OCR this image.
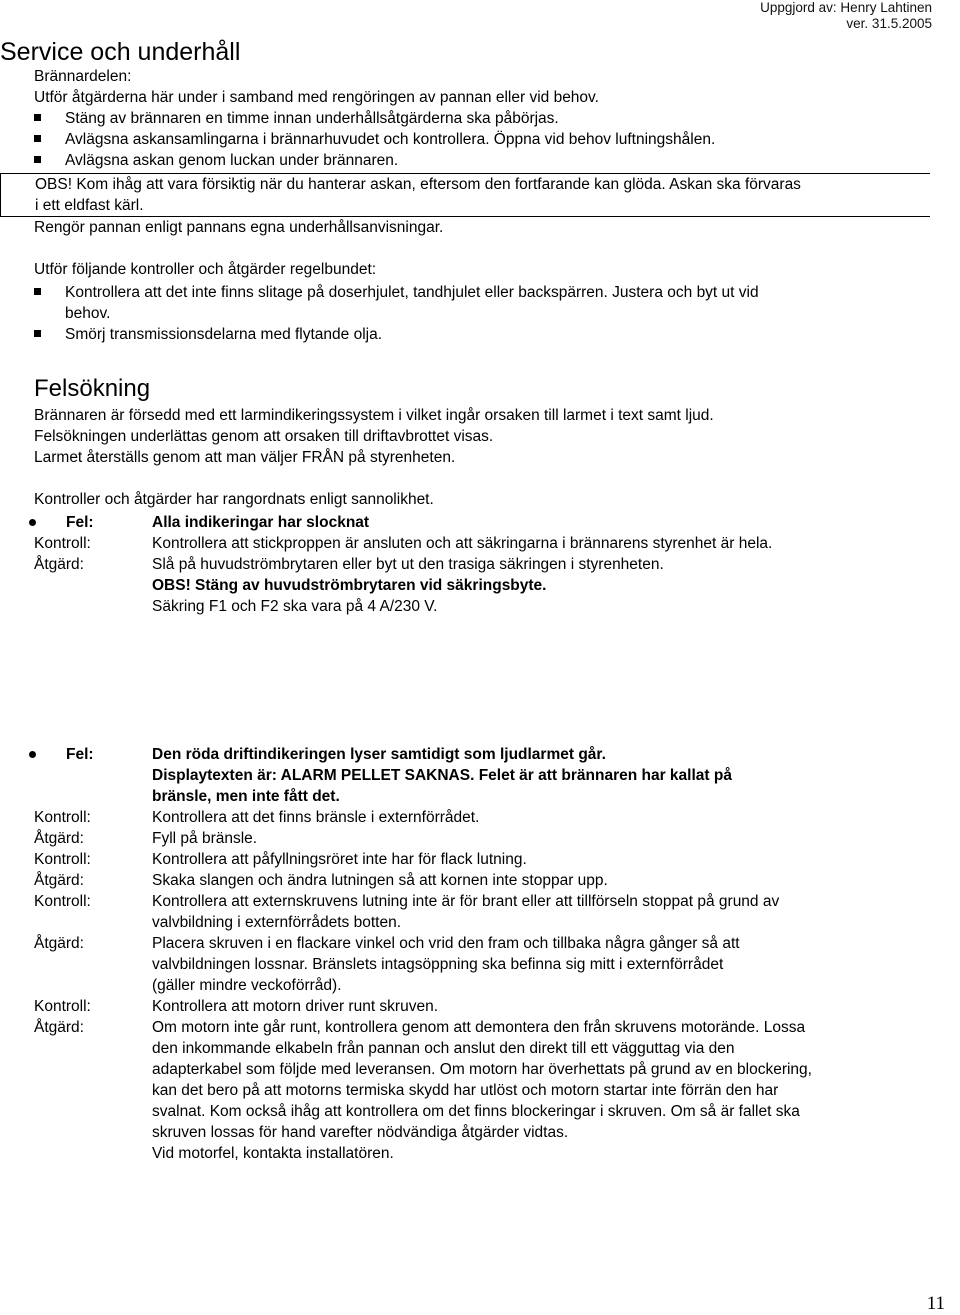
Uppgjord av: Henry Lahtinen
ver. 31.5.2005
Service och underhåll
Brännardelen:
Utför åtgärderna här under i samband med rengöringen av pannan eller vid behov.
Stäng av brännaren en timme innan underhållsåtgärderna ska påbörjas.
Avlägsna askansamlingarna i brännarhuvudet och kontrollera. Öppna vid behov luftningshålen.
Avlägsna askan genom luckan under brännaren.
OBS! Kom ihåg att vara försiktig när du hanterar askan, eftersom den fortfarande kan glöda. Askan ska förvaras
i ett eldfast kärl.
Rengör pannan enligt pannans egna underhållsanvisningar.
Utför följande kontroller och åtgärder regelbundet:
Kontrollera att det inte finns slitage på doserhjulet, tandhjulet eller backspärren. Justera och byt ut vid
behov.
Smörj transmissionsdelarna med flytande olja.
Felsökning
Brännaren är försedd med ett larmindikeringssystem i vilket ingår orsaken till larmet i text samt ljud.
Felsökningen underlättas genom att orsaken till driftavbrottet visas.
Larmet återställs genom att man väljer FRÅN på styrenheten.
Kontroller och åtgärder har rangordnats enligt sannolikhet.
Fel:	Alla indikeringar har slocknat
Kontroll:	Kontrollera att stickproppen är ansluten och att säkringarna i brännarens styrenhet är hela.
Åtgärd:	Slå på huvudströmbrytaren eller byt ut den trasiga säkringen i styrenheten.
OBS! Stäng av huvudströmbrytaren vid säkringsbyte.
Säkring F1 och F2 ska vara på 4 A/230 V.
Fel:	Den röda driftindikeringen lyser samtidigt som ljudlarmet går.
Displaytexten är: ALARM PELLET SAKNAS. Felet är att brännaren har kallat på
bränsle, men inte fått det.
Kontroll:	Kontrollera att det finns bränsle i externförrådet.
Åtgärd:	Fyll på bränsle.
Kontroll:	Kontrollera att påfyllningsröret inte har för flack lutning.
Åtgärd:	Skaka slangen och ändra lutningen så att kornen inte stoppar upp.
Kontroll:	Kontrollera att externskruvens lutning inte är för brant eller att tillförseln stoppat på grund av
valvbildning i externförrådets botten.
Åtgärd:	Placera skruven i en flackare vinkel och vrid den fram och tillbaka några gånger så att
valvbildningen lossnar. Bränslets intagsöppning ska befinna sig mitt i externförrådet
(gäller mindre veckoförråd).
Kontroll:	Kontrollera att motorn driver runt skruven.
Åtgärd:	Om motorn inte går runt, kontrollera genom att demontera den från skruvens motorände. Lossa
den inkommande elkabeln från pannan och anslut den direkt till ett vägguttag via den
adapterkabel som följde med leveransen. Om motorn har överhettats på grund av en blockering,
kan det bero på att motorns termiska skydd har utlöst och motorn startar inte förrän den har
svalnat. Kom också ihåg att kontrollera om det finns blockeringar i skruven. Om så är fallet ska
skruven lossas för hand varefter nödvändiga åtgärder vidtas.
Vid motorfel, kontakta installatören.
11
